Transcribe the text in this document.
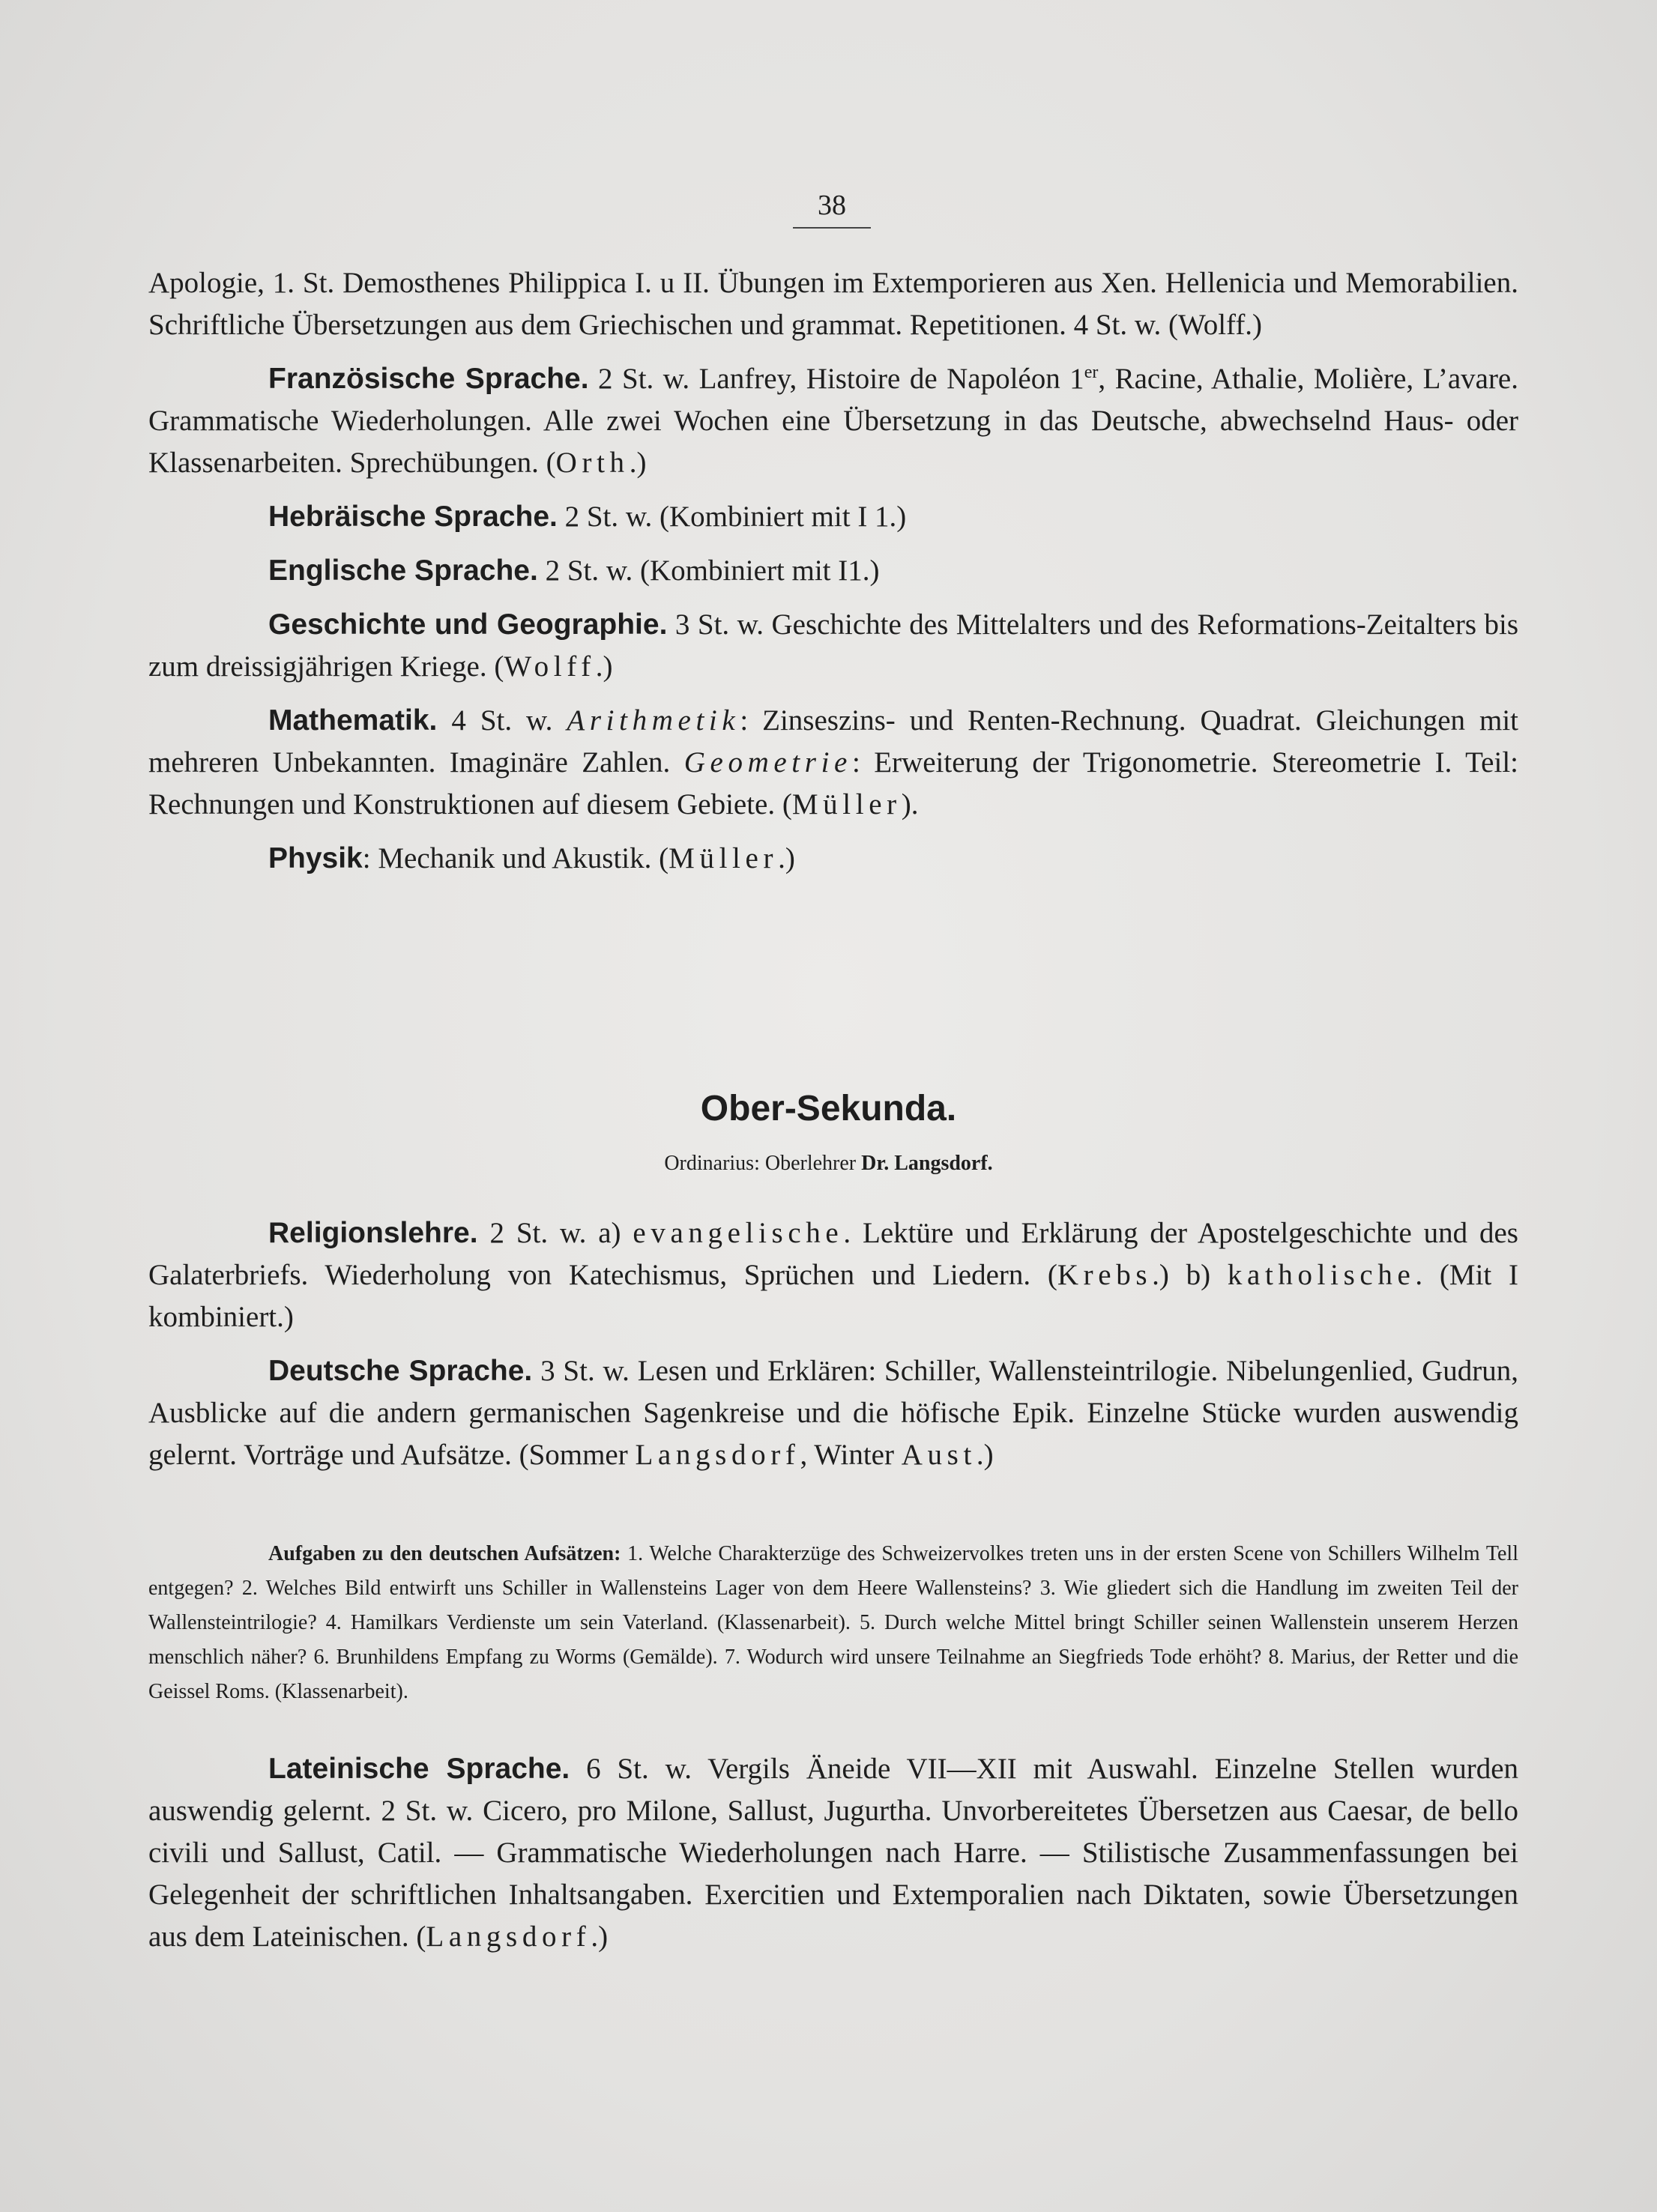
38

Apologie, 1. St. Demosthenes Philippica I. u II. Übungen im Extemporieren aus Xen. Hellenicia und Memorabilien. Schriftliche Übersetzungen aus dem Griechischen und grammat. Repetitionen. 4 St. w. (Wolff.)

Französische Sprache. 2 St. w. Lanfrey, Histoire de Napoléon 1er, Racine, Athalie, Molière, L’avare. Grammatische Wiederholungen. Alle zwei Wochen eine Übersetzung in das Deutsche, abwechselnd Haus- oder Klassenarbeiten. Sprechübungen. (Orth.)

Hebräische Sprache. 2 St. w. (Kombiniert mit I 1.)

Englische Sprache. 2 St. w. (Kombiniert mit I1.)

Geschichte und Geographie. 3 St. w. Geschichte des Mittelalters und des Reformations-Zeitalters bis zum dreissigjährigen Kriege. (Wolff.)

Mathematik. 4 St. w. Arithmetik: Zinseszins- und Renten-Rechnung. Quadrat. Gleichungen mit mehreren Unbekannten. Imaginäre Zahlen. Geometrie: Erweiterung der Trigonometrie. Stereometrie I. Teil: Rechnungen und Konstruktionen auf diesem Gebiete. (Müller).

Physik: Mechanik und Akustik. (Müller.)

Ober-Sekunda.
Ordinarius: Oberlehrer Dr. Langsdorf.

Religionslehre. 2 St. w. a) evangelische. Lektüre und Erklärung der Apostelgeschichte und des Galaterbriefs. Wiederholung von Katechismus, Sprüchen und Liedern. (Krebs.) b) katholische. (Mit I kombiniert.)

Deutsche Sprache. 3 St. w. Lesen und Erklären: Schiller, Wallensteintrilogie. Nibelungenlied, Gudrun, Ausblicke auf die andern germanischen Sagenkreise und die höfische Epik. Einzelne Stücke wurden auswendig gelernt. Vorträge und Aufsätze. (Sommer Langsdorf, Winter Aust.)

Aufgaben zu den deutschen Aufsätzen: 1. Welche Charakterzüge des Schweizervolkes treten uns in der ersten Scene von Schillers Wilhelm Tell entgegen? 2. Welches Bild entwirft uns Schiller in Wallensteins Lager von dem Heere Wallensteins? 3. Wie gliedert sich die Handlung im zweiten Teil der Wallensteintrilogie? 4. Hamilkars Verdienste um sein Vaterland. (Klassenarbeit). 5. Durch welche Mittel bringt Schiller seinen Wallenstein unserem Herzen menschlich näher? 6. Brunhildens Empfang zu Worms (Gemälde). 7. Wodurch wird unsere Teilnahme an Siegfrieds Tode erhöht? 8. Marius, der Retter und die Geissel Roms. (Klassenarbeit).

Lateinische Sprache. 6 St. w. Vergils Äneide VII—XII mit Auswahl. Einzelne Stellen wurden auswendig gelernt. 2 St. w. Cicero, pro Milone, Sallust, Jugurtha. Unvorbereitetes Übersetzen aus Caesar, de bello civili und Sallust, Catil. — Grammatische Wiederholungen nach Harre. — Stilistische Zusammenfassungen bei Gelegenheit der schriftlichen Inhaltsangaben. Exercitien und Extemporalien nach Diktaten, sowie Übersetzungen aus dem Lateinischen. (Langsdorf.)
